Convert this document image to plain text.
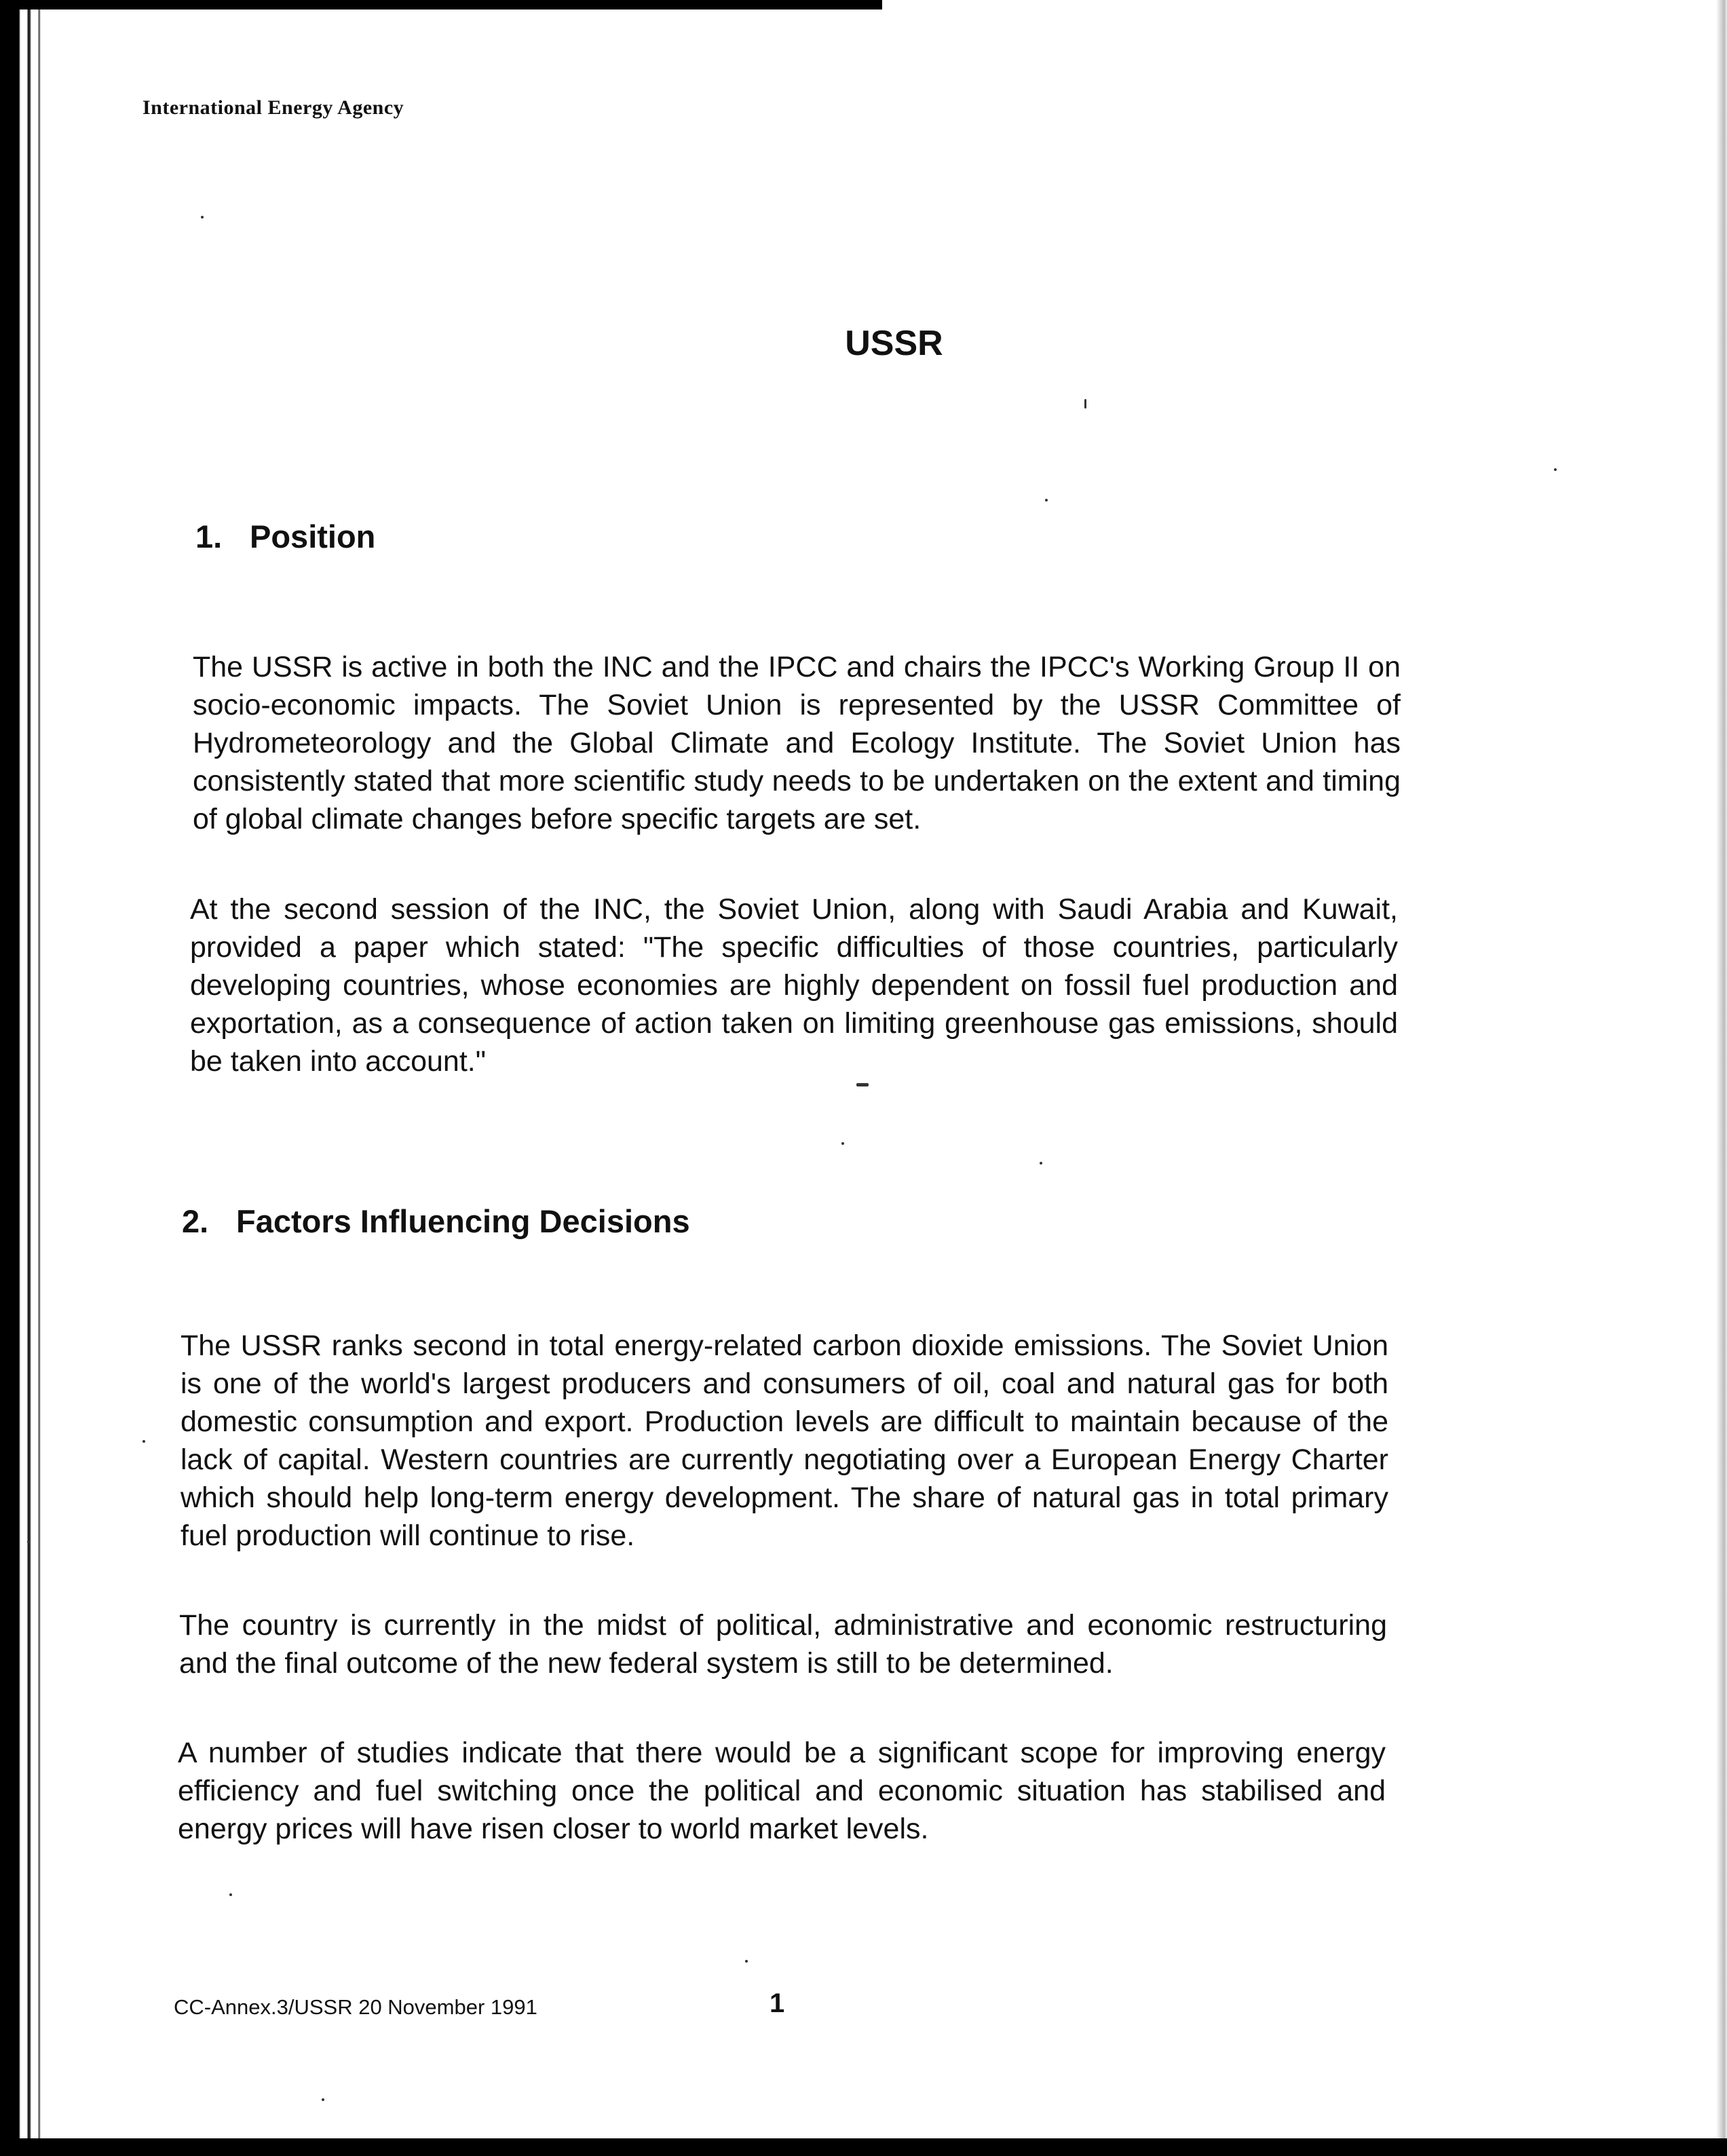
International Energy Agency
USSR
1. Position

The USSR is active in both the INC and the IPCC and chairs the IPCC's Working Group II on socio-economic impacts. The Soviet Union is represented by the USSR Committee of Hydrometeorology and the Global Climate and Ecology Institute. The Soviet Union has consistently stated that more scientific study needs to be undertaken on the extent and timing of global climate changes before specific targets are set.

At the second session of the INC, the Soviet Union, along with Saudi Arabia and Kuwait, provided a paper which stated: "The specific difficulties of those countries, particularly developing countries, whose economies are highly dependent on fossil fuel production and exportation, as a consequence of action taken on limiting greenhouse gas emissions, should be taken into account."

2. Factors Influencing Decisions

The USSR ranks second in total energy-related carbon dioxide emissions. The Soviet Union is one of the world's largest producers and consumers of oil, coal and natural gas for both domestic consumption and export. Production levels are difficult to maintain because of the lack of capital. Western countries are currently negotiating over a European Energy Charter which should help long-term energy development. The share of natural gas in total primary fuel production will continue to rise.

The country is currently in the midst of political, administrative and economic restructuring and the final outcome of the new federal system is still to be determined.

A number of studies indicate that there would be a significant scope for improving energy efficiency and fuel switching once the political and economic situation has stabilised and energy prices will have risen closer to world market levels.

CC-Annex.3/USSR 20 November 1991	1
